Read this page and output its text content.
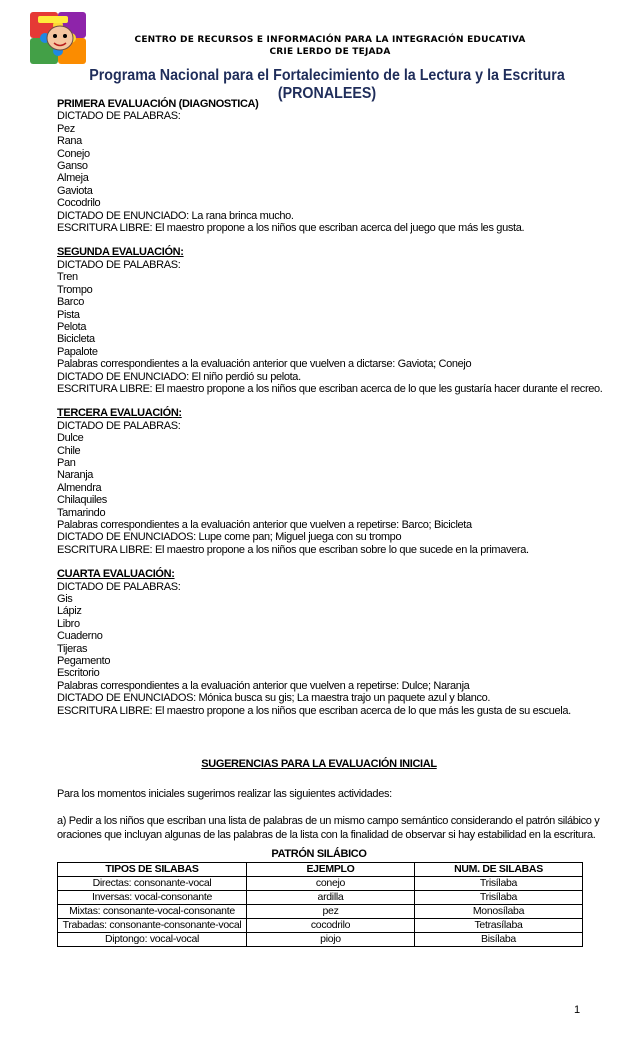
CENTRO DE RECURSOS E INFORMACIÓN PARA LA INTEGRACIÓN EDUCATIVA
CRIE LERDO DE TEJADA
Programa Nacional para el Fortalecimiento de la Lectura y la Escritura
(PRONALEES)
PRIMERA EVALUACIÓN (DIAGNOSTICA)
DICTADO DE PALABRAS:
Pez
Rana
Conejo
Ganso
Almeja
Gaviota
Cocodrilo
DICTADO DE ENUNCIADO: La rana brinca mucho.
ESCRITURA LIBRE: El maestro propone a los niños que escriban acerca del juego que más les gusta.
SEGUNDA EVALUACIÓN:
DICTADO DE PALABRAS:
Tren
Trompo
Barco
Pista
Pelota
Bicicleta
Papalote
Palabras correspondientes a la evaluación anterior que vuelven a dictarse: Gaviota; Conejo
DICTADO DE ENUNCIADO: El niño perdió su pelota.
ESCRITURA LIBRE: El maestro propone a los niños que escriban acerca de lo que les gustaría hacer durante el recreo.
TERCERA EVALUACIÓN:
DICTADO DE PALABRAS:
Dulce
Chile
Pan
Naranja
Almendra
Chilaquiles
Tamarindo
Palabras correspondientes a la evaluación anterior que vuelven a repetirse: Barco; Bicicleta
DICTADO DE ENUNCIADOS: Lupe come pan; Miguel juega con su trompo
ESCRITURA LIBRE: El maestro propone a los niños que escriban sobre lo que sucede en la primavera.
CUARTA EVALUACIÓN:
DICTADO DE PALABRAS:
Gis
Lápiz
Libro
Cuaderno
Tijeras
Pegamento
Escritorio
Palabras correspondientes a la evaluación anterior que vuelven a repetirse: Dulce; Naranja
DICTADO DE ENUNCIADOS: Mónica busca su gis; La maestra trajo un paquete azul y blanco.
ESCRITURA LIBRE: El maestro propone a los niños que escriban acerca de lo que más les gusta de su escuela.
SUGERENCIAS PARA LA EVALUACIÓN INICIAL
Para los momentos iniciales sugerimos realizar las siguientes actividades:
a) Pedir a los niños que escriban una lista de palabras de un mismo campo semántico considerando el patrón silábico y
oraciones que incluyan algunas de las palabras de la lista con la finalidad de observar si hay estabilidad en la escritura.
PATRÓN SILÁBICO
TIPOS DE SILABAS	EJEMPLO	NUM. DE SILABAS
Directas: consonante-vocal	conejo	Trisílaba
Inversas: vocal-consonante	ardilla	Trisílaba
Mixtas: consonante-vocal-consonante	pez	Monosílaba
Trabadas: consonante-consonante-vocal	cocodrilo	Tetrasílaba
Diptongo: vocal-vocal	piojo	Bisílaba
1
